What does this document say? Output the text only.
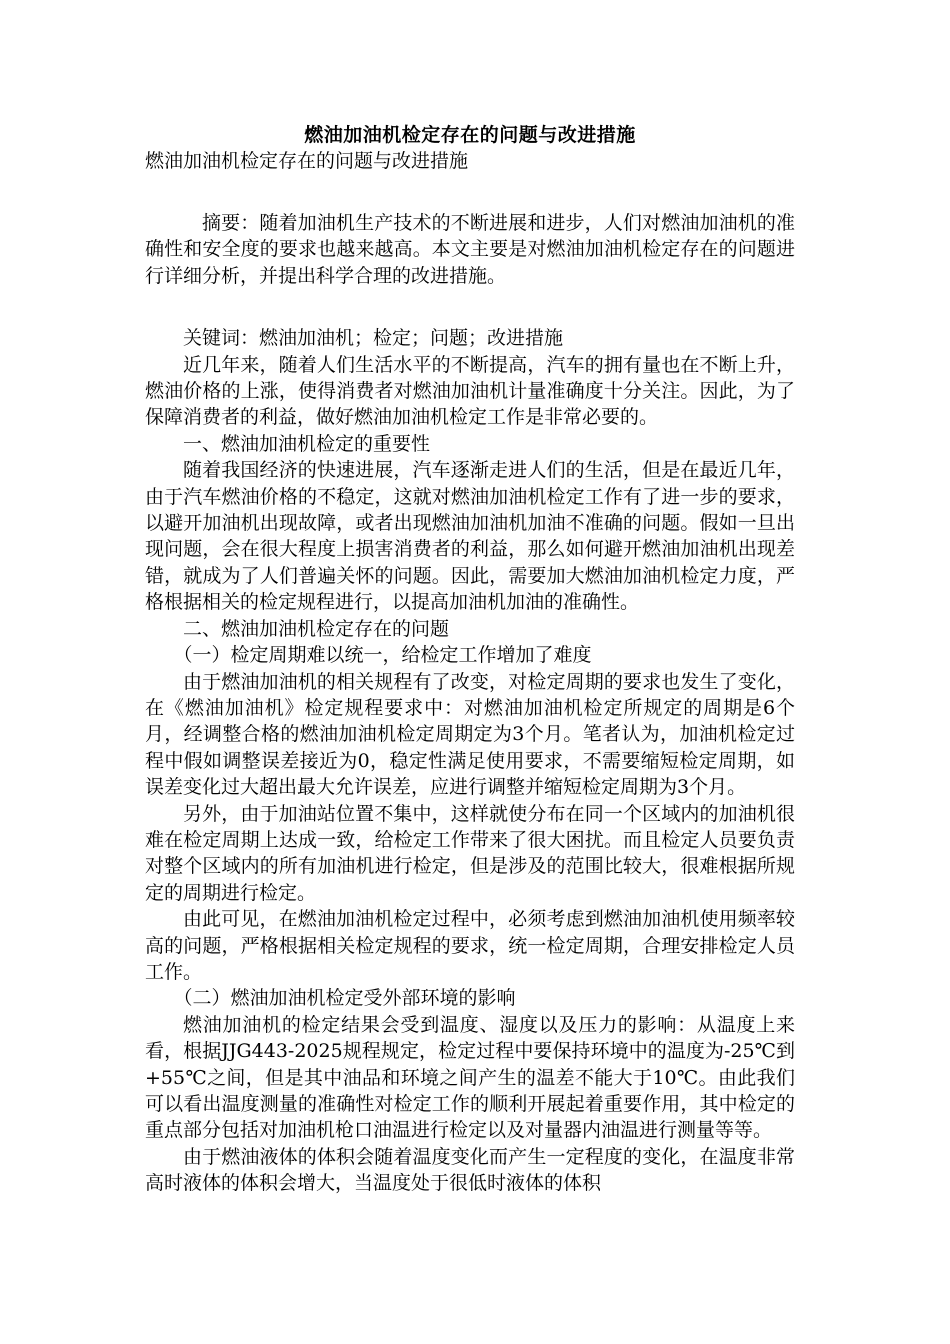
燃油加油机检定存在的问题与改进措施

燃油加油机检定存在的问题与改进措施

摘要：随着加油机生产技术的不断进展和进步，人们对燃油加油机的准确性和安全度的要求也越来越高。本文主要是对燃油加油机检定存在的问题进行详细分析，并提出科学合理的改进措施。

关键词：燃油加油机；检定；问题；改进措施

近几年来，随着人们生活水平的不断提高，汽车的拥有量也在不断上升，燃油价格的上涨，使得消费者对燃油加油机计量准确度十分关注。因此，为了保障消费者的利益，做好燃油加油机检定工作是非常必要的。

一、燃油加油机检定的重要性

随着我国经济的快速进展，汽车逐渐走进人们的生活，但是在最近几年，由于汽车燃油价格的不稳定，这就对燃油加油机检定工作有了进一步的要求，以避开加油机出现故障，或者出现燃油加油机加油不准确的问题。假如一旦出现问题，会在很大程度上损害消费者的利益，那么如何避开燃油加油机出现差错，就成为了人们普遍关怀的问题。因此，需要加大燃油加油机检定力度，严格根据相关的检定规程进行，以提高加油机加油的准确性。

二、燃油加油机检定存在的问题

（一）检定周期难以统一，给检定工作增加了难度

由于燃油加油机的相关规程有了改变，对检定周期的要求也发生了变化，在《燃油加油机》检定规程要求中：对燃油加油机检定所规定的周期是6个月，经调整合格的燃油加油机检定周期定为3个月。笔者认为，加油机检定过程中假如调整误差接近为0，稳定性满足使用要求，不需要缩短检定周期，如误差变化过大超出最大允许误差，应进行调整并缩短检定周期为3个月。

另外，由于加油站位置不集中，这样就使分布在同一个区域内的加油机很难在检定周期上达成一致，给检定工作带来了很大困扰。而且检定人员要负责对整个区域内的所有加油机进行检定，但是涉及的范围比较大，很难根据所规定的周期进行检定。

由此可见，在燃油加油机检定过程中，必须考虑到燃油加油机使用频率较高的问题，严格根据相关检定规程的要求，统一检定周期，合理安排检定人员工作。

（二）燃油加油机检定受外部环境的影响

燃油加油机的检定结果会受到温度、湿度以及压力的影响：从温度上来看，根据JJG443-2025规程规定，检定过程中要保持环境中的温度为-25℃到+55℃之间，但是其中油品和环境之间产生的温差不能大于10℃。由此我们可以看出温度测量的准确性对检定工作的顺利开展起着重要作用，其中检定的重点部分包括对加油机枪口油温进行检定以及对量器内油温进行测量等等。

由于燃油液体的体积会随着温度变化而产生一定程度的变化，在温度非常高时液体的体积会增大，当温度处于很低时液体的体积
